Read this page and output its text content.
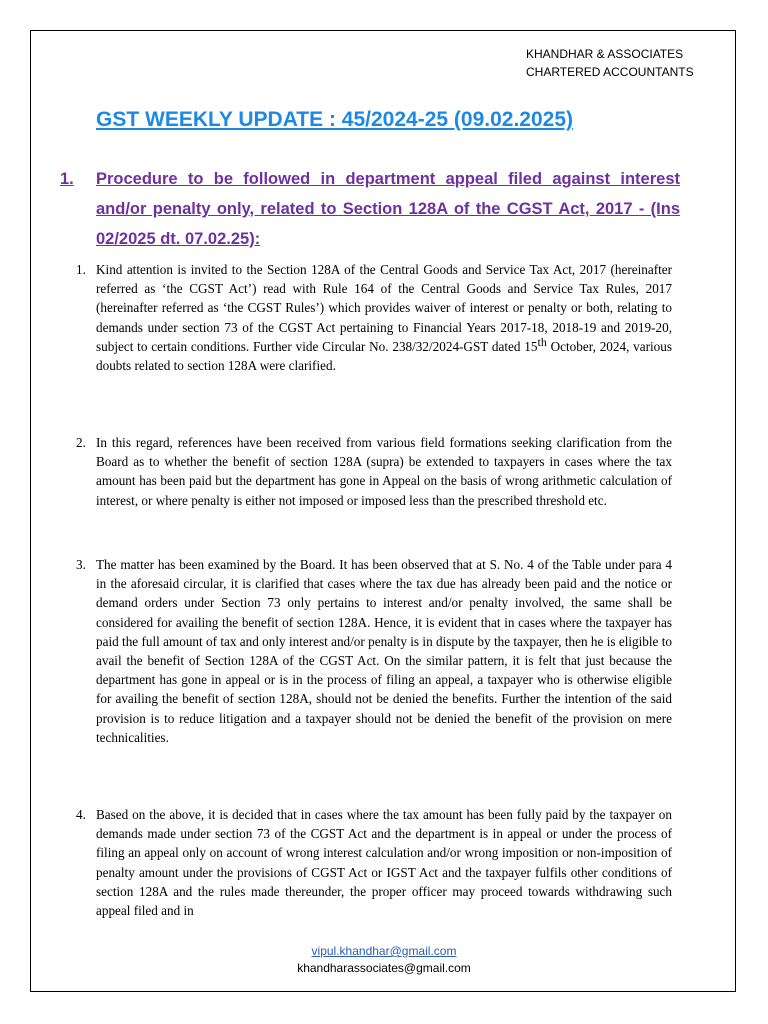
KHANDHAR & ASSOCIATES
CHARTERED ACCOUNTANTS
GST WEEKLY UPDATE : 45/2024-25 (09.02.2025)
1. Procedure to be followed in department appeal filed against interest and/or penalty only, related to Section 128A of the CGST Act, 2017 - (Ins 02/2025 dt. 07.02.25):
1. Kind attention is invited to the Section 128A of the Central Goods and Service Tax Act, 2017 (hereinafter referred as ‘the CGST Act’) read with Rule 164 of the Central Goods and Service Tax Rules, 2017 (hereinafter referred as ‘the CGST Rules’) which provides waiver of interest or penalty or both, relating to demands under section 73 of the CGST Act pertaining to Financial Years 2017-18, 2018-19 and 2019-20, subject to certain conditions. Further vide Circular No. 238/32/2024-GST dated 15th October, 2024, various doubts related to section 128A were clarified.
2. In this regard, references have been received from various field formations seeking clarification from the Board as to whether the benefit of section 128A (supra) be extended to taxpayers in cases where the tax amount has been paid but the department has gone in Appeal on the basis of wrong arithmetic calculation of interest, or where penalty is either not imposed or imposed less than the prescribed threshold etc.
3. The matter has been examined by the Board. It has been observed that at S. No. 4 of the Table under para 4 in the aforesaid circular, it is clarified that cases where the tax due has already been paid and the notice or demand orders under Section 73 only pertains to interest and/or penalty involved, the same shall be considered for availing the benefit of section 128A. Hence, it is evident that in cases where the taxpayer has paid the full amount of tax and only interest and/or penalty is in dispute by the taxpayer, then he is eligible to avail the benefit of Section 128A of the CGST Act. On the similar pattern, it is felt that just because the department has gone in appeal or is in the process of filing an appeal, a taxpayer who is otherwise eligible for availing the benefit of section 128A, should not be denied the benefits. Further the intention of the said provision is to reduce litigation and a taxpayer should not be denied the benefit of the provision on mere technicalities.
4. Based on the above, it is decided that in cases where the tax amount has been fully paid by the taxpayer on demands made under section 73 of the CGST Act and the department is in appeal or under the process of filing an appeal only on account of wrong interest calculation and/or wrong imposition or non-imposition of penalty amount under the provisions of CGST Act or IGST Act and the taxpayer fulfils other conditions of section 128A and the rules made thereunder, the proper officer may proceed towards withdrawing such appeal filed and in
vipul.khandhar@gmail.com
khandharassociates@gmail.com
